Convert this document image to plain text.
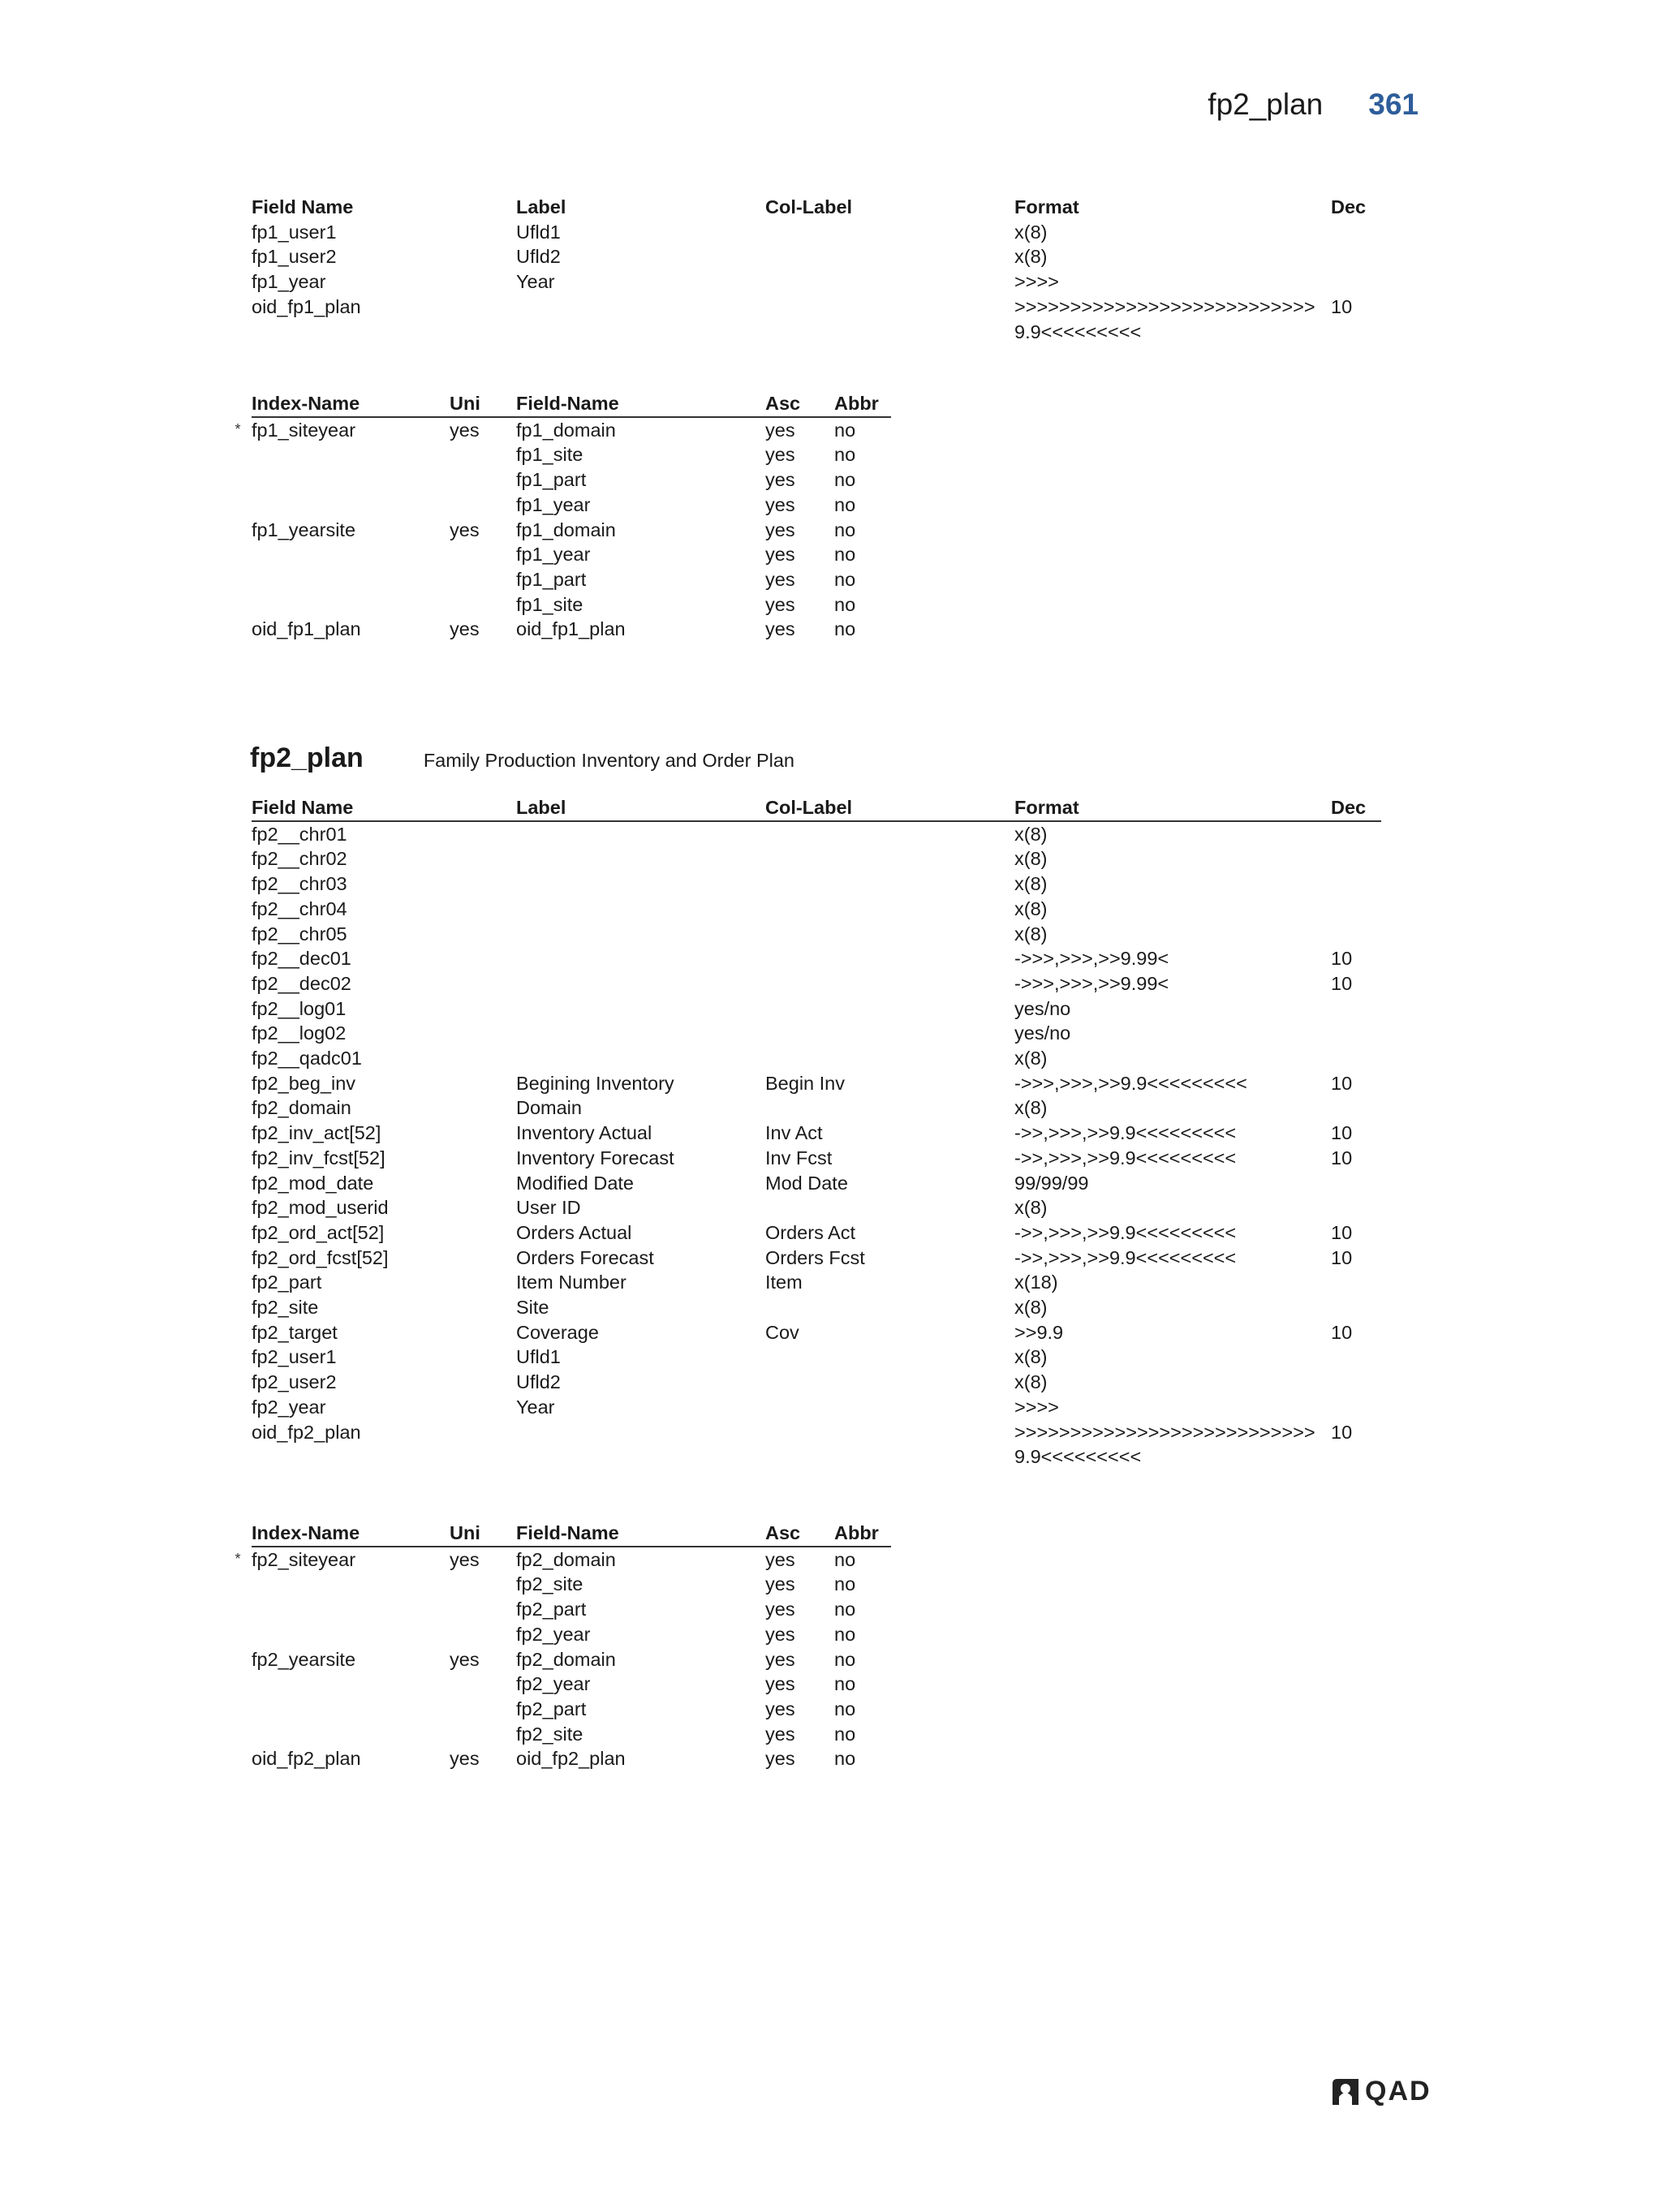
fp2_plan 361
	Field Name	Label	Col-Label	Format	Dec
	fp1_user1	Ufld1		x(8)	
	fp1_user2	Ufld2		x(8)	
	fp1_year	Year		>>>>	
	oid_fp1_plan			>>>>>>>>>>>>>>>>>>>>>>>>>>>9.9<<<<<<<<<	10
	Index-Name	Uni	Field-Name	Asc	Abbr
*	fp1_siteyear	yes	fp1_domain	yes	no
			fp1_site	yes	no
			fp1_part	yes	no
			fp1_year	yes	no
	fp1_yearsite	yes	fp1_domain	yes	no
			fp1_year	yes	no
			fp1_part	yes	no
			fp1_site	yes	no
	oid_fp1_plan	yes	oid_fp1_plan	yes	no
fp2_plan	Family Production Inventory and Order Plan
	Field Name	Label	Col-Label	Format	Dec
	fp2__chr01			x(8)	
	fp2__chr02			x(8)	
	fp2__chr03			x(8)	
	fp2__chr04			x(8)	
	fp2__chr05			x(8)	
	fp2__dec01			->>>,>>>,>>9.99<	10
	fp2__dec02			->>>,>>>,>>9.99<	10
	fp2__log01			yes/no	
	fp2__log02			yes/no	
	fp2__qadc01			x(8)	
	fp2_beg_inv	Begining Inventory	Begin Inv	->>>,>>>,>>9.9<<<<<<<<<	10
	fp2_domain	Domain		x(8)	
	fp2_inv_act[52]	Inventory Actual	Inv Act	->>,>>>,>>9.9<<<<<<<<<	10
	fp2_inv_fcst[52]	Inventory Forecast	Inv Fcst	->>,>>>,>>9.9<<<<<<<<<	10
	fp2_mod_date	Modified Date	Mod Date	99/99/99	
	fp2_mod_userid	User ID		x(8)	
	fp2_ord_act[52]	Orders Actual	Orders Act	->>,>>>,>>9.9<<<<<<<<<	10
	fp2_ord_fcst[52]	Orders Forecast	Orders Fcst	->>,>>>,>>9.9<<<<<<<<<	10
	fp2_part	Item Number	Item	x(18)	
	fp2_site	Site		x(8)	
	fp2_target	Coverage	Cov	>>9.9	10
	fp2_user1	Ufld1		x(8)	
	fp2_user2	Ufld2		x(8)	
	fp2_year	Year		>>>>	
	oid_fp2_plan			>>>>>>>>>>>>>>>>>>>>>>>>>>>9.9<<<<<<<<<	10
	Index-Name	Uni	Field-Name	Asc	Abbr
*	fp2_siteyear	yes	fp2_domain	yes	no
			fp2_site	yes	no
			fp2_part	yes	no
			fp2_year	yes	no
	fp2_yearsite	yes	fp2_domain	yes	no
			fp2_year	yes	no
			fp2_part	yes	no
			fp2_site	yes	no
	oid_fp2_plan	yes	oid_fp2_plan	yes	no
QAD
